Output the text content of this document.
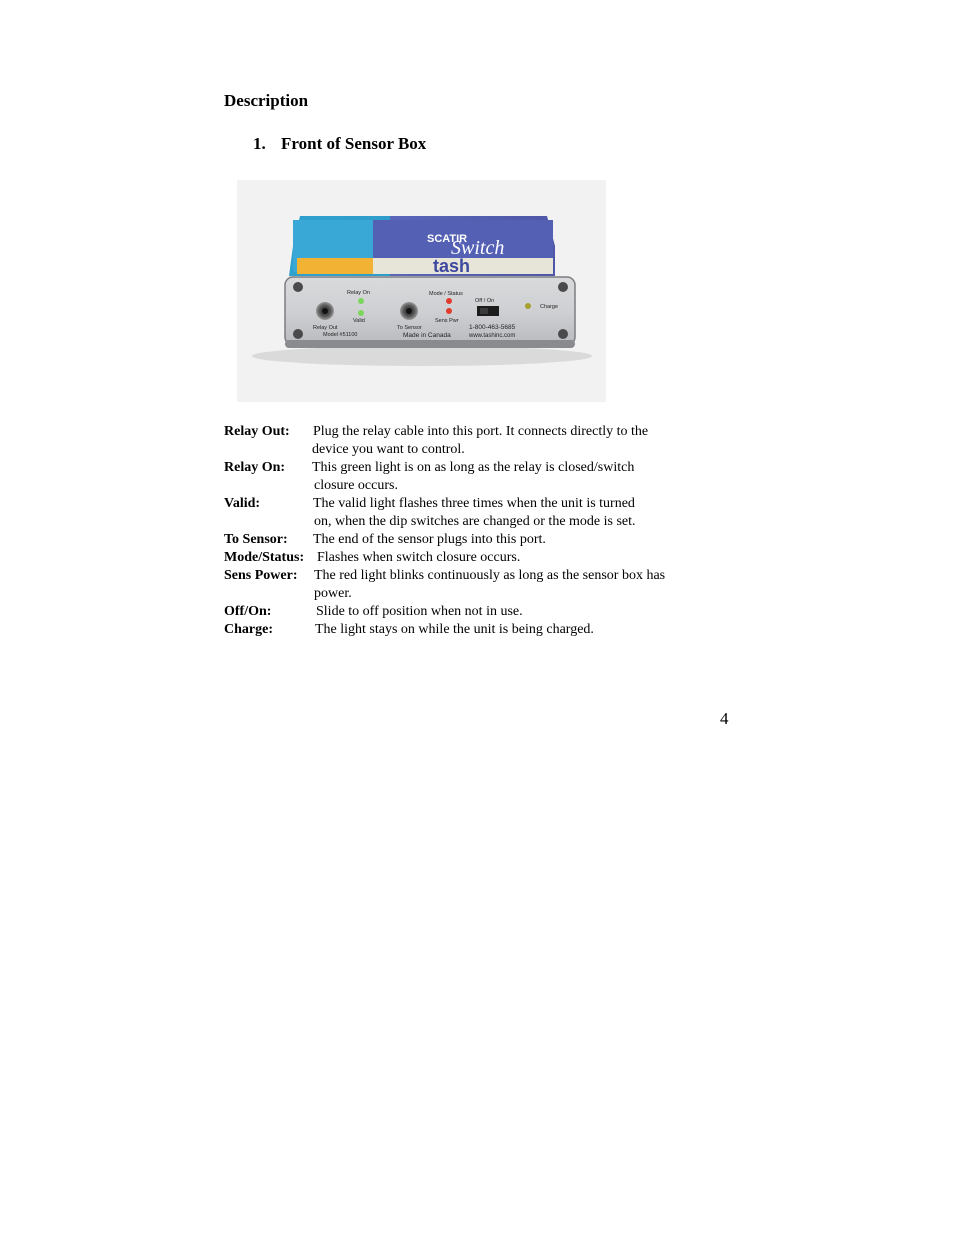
Description
1. Front of Sensor Box
SCATIR
Switch
tash
Relay Out
Model #51100
Relay On
Valid
To Sensor
Made in Canada
Mode / Status
Sens Pwr
Off / On
1-800-463-5685
www.tashinc.com
Charge
Relay Out:	Plug the relay cable into this port. It connects directly to the
device you want to control.
Relay On:	This green light is on as long as the relay is closed/switch
closure occurs.
Valid:	The valid light flashes three times when the unit is turned
on, when the dip switches are changed or the mode is set.
To Sensor:	The end of the sensor plugs into this port.
Mode/Status: Flashes when switch closure occurs.
Sens Power:	The red light blinks continuously as long as the sensor box has
power.
Off/On:	Slide to off position when not in use.
Charge:	The light stays on while the unit is being charged.
4
